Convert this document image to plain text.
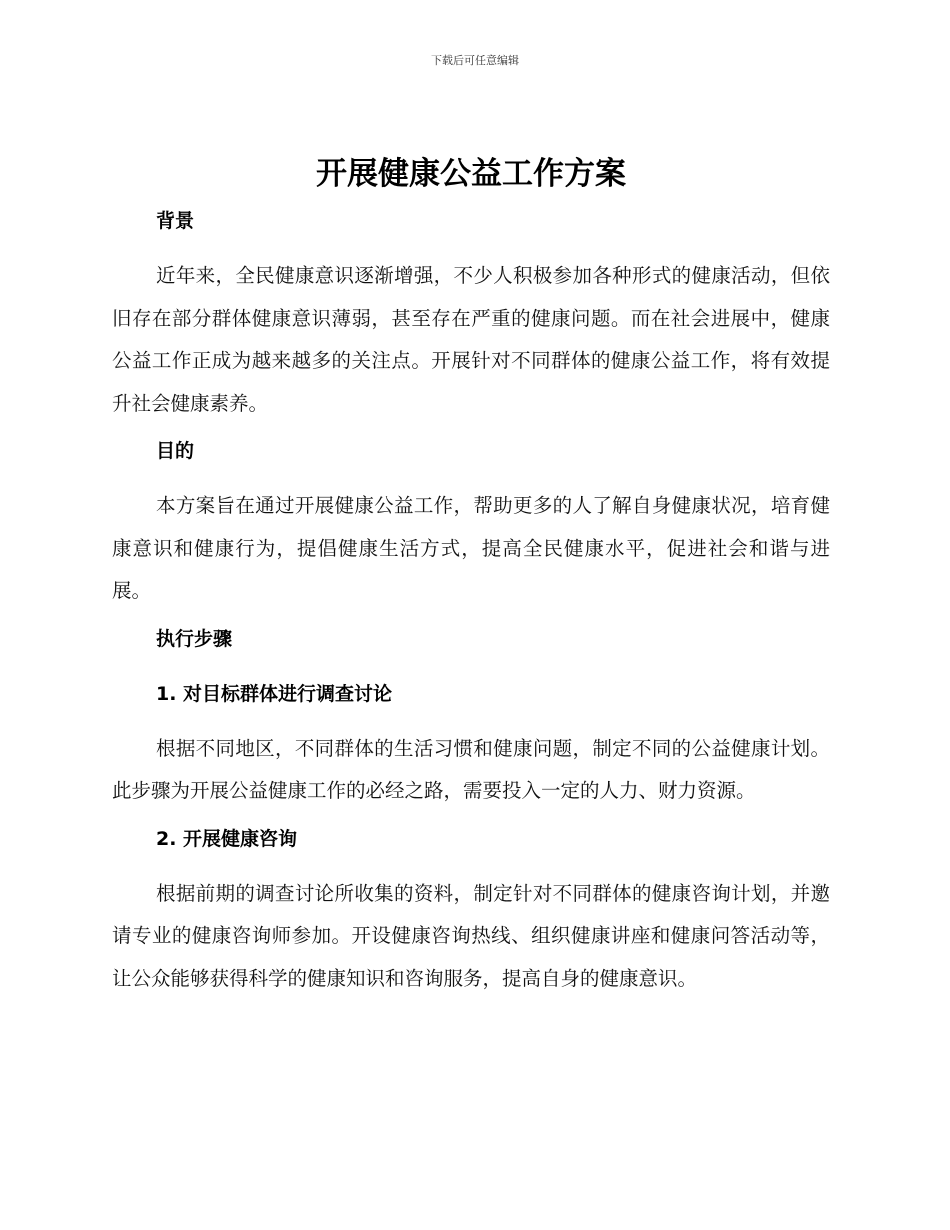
下载后可任意编辑
开展健康公益工作方案
背景

近年来，全民健康意识逐渐增强，不少人积极参加各种形式的健康活动，但依旧存在部分群体健康意识薄弱，甚至存在严重的健康问题。而在社会进展中，健康公益工作正成为越来越多的关注点。开展针对不同群体的健康公益工作，将有效提升社会健康素养。

目的

本方案旨在通过开展健康公益工作，帮助更多的人了解自身健康状况，培育健康意识和健康行为，提倡健康生活方式，提高全民健康水平，促进社会和谐与进展。

执行步骤
1. 对目标群体进行调查讨论

根据不同地区，不同群体的生活习惯和健康问题，制定不同的公益健康计划。此步骤为开展公益健康工作的必经之路，需要投入一定的人力、财力资源。

2. 开展健康咨询

根据前期的调查讨论所收集的资料，制定针对不同群体的健康咨询计划，并邀请专业的健康咨询师参加。开设健康咨询热线、组织健康讲座和健康问答活动等，让公众能够获得科学的健康知识和咨询服务，提高自身的健康意识。
